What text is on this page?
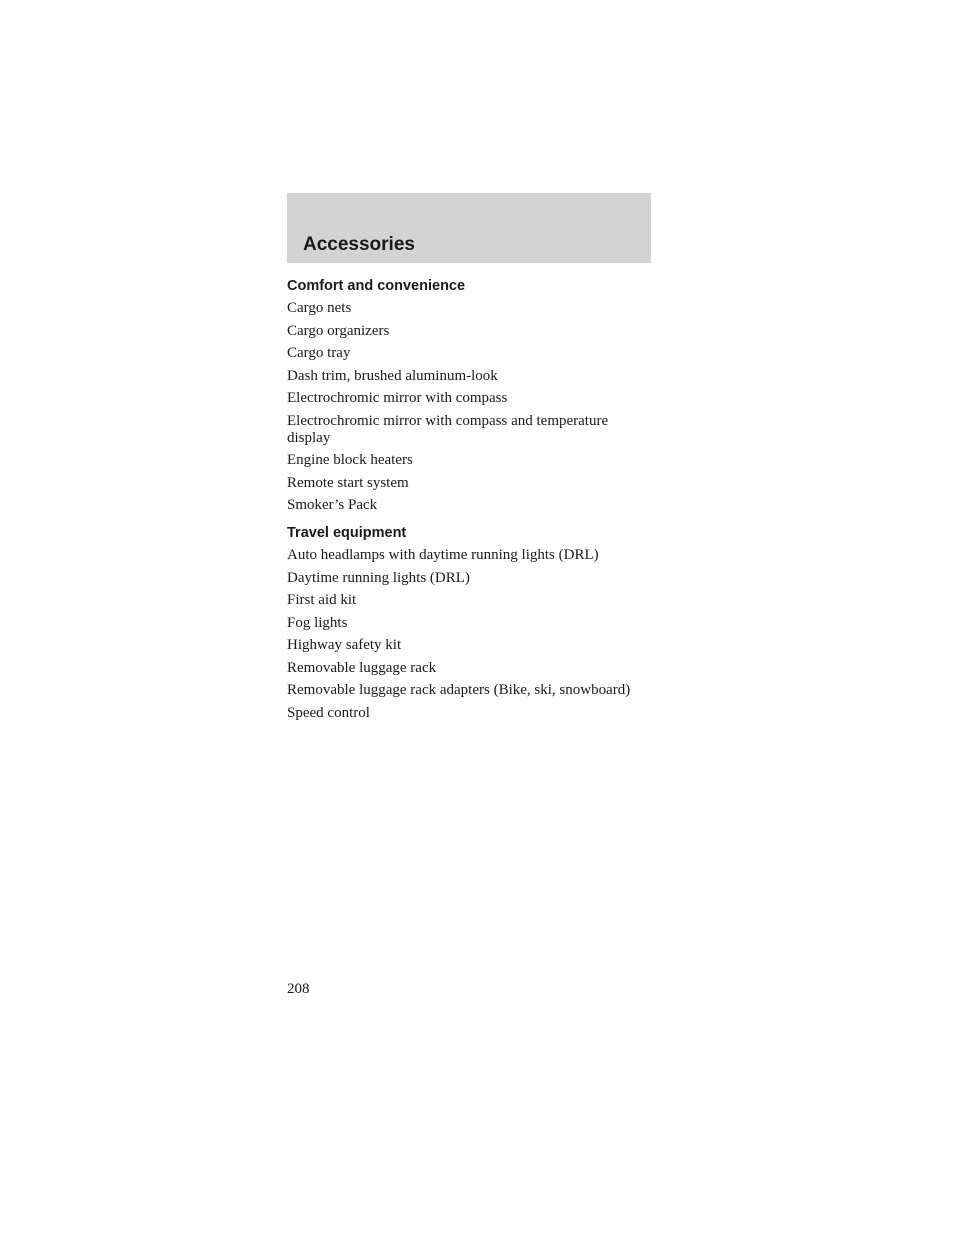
Accessories
Comfort and convenience
Cargo nets
Cargo organizers
Cargo tray
Dash trim, brushed aluminum-look
Electrochromic mirror with compass
Electrochromic mirror with compass and temperature display
Engine block heaters
Remote start system
Smoker’s Pack
Travel equipment
Auto headlamps with daytime running lights (DRL)
Daytime running lights (DRL)
First aid kit
Fog lights
Highway safety kit
Removable luggage rack
Removable luggage rack adapters (Bike, ski, snowboard)
Speed control
208
